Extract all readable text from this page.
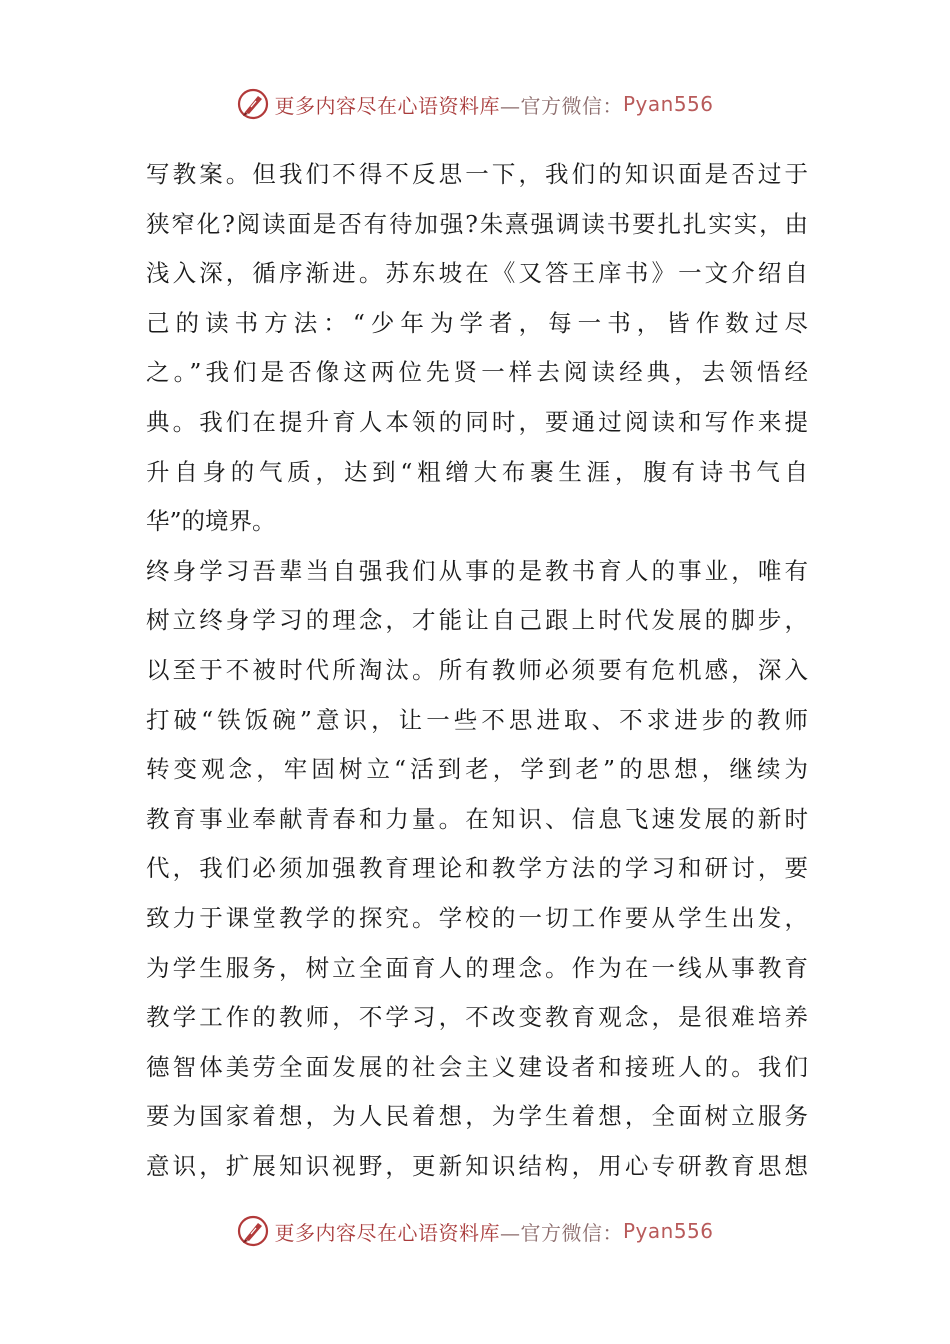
更多内容尽在心语资料库 —官方微信： Pyan556
写教案。但我们不得不反思一下，我们的知识面是否过于
狭窄化?阅读面是否有待加强?朱熹强调读书要扎扎实实，由
浅入深，循序渐进。苏东坡在《又答王庠书》一文介绍自
己的读书方法：“少年为学者，每一书，皆作数过尽
之。”我们是否像这两位先贤一样去阅读经典，去领悟经
典。我们在提升育人本领的同时，要通过阅读和写作来提
升自身的气质，达到“粗缯大布裹生涯，腹有诗书气自
华”的境界。
终身学习吾辈当自强我们从事的是教书育人的事业，唯有
树立终身学习的理念，才能让自己跟上时代发展的脚步，
以至于不被时代所淘汰。所有教师必须要有危机感，深入
打破“铁饭碗”意识，让一些不思进取、不求进步的教师
转变观念，牢固树立“活到老，学到老”的思想，继续为
教育事业奉献青春和力量。在知识、信息飞速发展的新时
代，我们必须加强教育理论和教学方法的学习和研讨，要
致力于课堂教学的探究。学校的一切工作要从学生出发，
为学生服务，树立全面育人的理念。作为在一线从事教育
教学工作的教师，不学习，不改变教育观念，是很难培养
德智体美劳全面发展的社会主义建设者和接班人的。我们
要为国家着想，为人民着想，为学生着想，全面树立服务
意识，扩展知识视野，更新知识结构，用心专研教育思想
更多内容尽在心语资料库 —官方微信： Pyan556
